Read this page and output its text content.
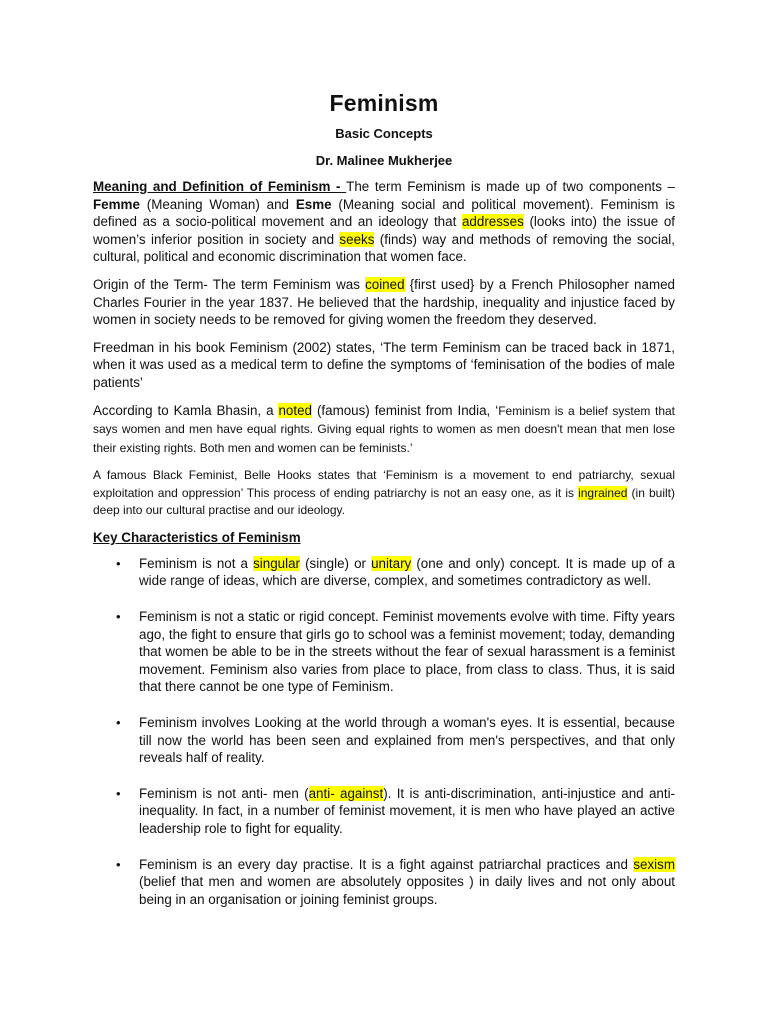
Feminism
Basic Concepts
Dr. Malinee Mukherjee

Meaning and Definition of Feminism - The term Feminism is made up of two components – Femme (Meaning Woman) and Esme (Meaning social and political movement). Feminism is defined as a socio-political movement and an ideology that addresses (looks into) the issue of women’s inferior position in society and seeks (finds) way and methods of removing the social, cultural, political and economic discrimination that women face.

Origin of the Term- The term Feminism was coined {first used} by a French Philosopher named Charles Fourier in the year 1837. He believed that the hardship, inequality and injustice faced by women in society needs to be removed for giving women the freedom they deserved.

Freedman in his book Feminism (2002) states, ‘The term Feminism can be traced back in 1871, when it was used as a medical term to define the symptoms of ‘feminisation of the bodies of male patients’

According to Kamla Bhasin, a noted (famous) feminist from India, ‘Feminism is a belief system that says women and men have equal rights. Giving equal rights to women as men doesn't mean that men lose their existing rights. Both men and women can be feminists.’

A famous Black Feminist, Belle Hooks states that ‘Feminism is a movement to end patriarchy, sexual exploitation and oppression’ This process of ending patriarchy is not an easy one, as it is ingrained (in built) deep into our cultural practise and our ideology.

Key Characteristics of Feminism
• Feminism is not a singular (single) or unitary (one and only) concept. It is made up of a wide range of ideas, which are diverse, complex, and sometimes contradictory as well.
• Feminism is not a static or rigid concept. Feminist movements evolve with time. Fifty years ago, the fight to ensure that girls go to school was a feminist movement; today, demanding that women be able to be in the streets without the fear of sexual harassment is a feminist movement. Feminism also varies from place to place, from class to class. Thus, it is said that there cannot be one type of Feminism.
• Feminism involves Looking at the world through a woman's eyes. It is essential, because till now the world has been seen and explained from men's perspectives, and that only reveals half of reality.
• Feminism is not anti- men (anti- against). It is anti-discrimination, anti-injustice and anti-inequality. In fact, in a number of feminist movement, it is men who have played an active leadership role to fight for equality.
• Feminism is an every day practise. It is a fight against patriarchal practices and sexism (belief that men and women are absolutely opposites ) in daily lives and not only about being in an organisation or joining feminist groups.
